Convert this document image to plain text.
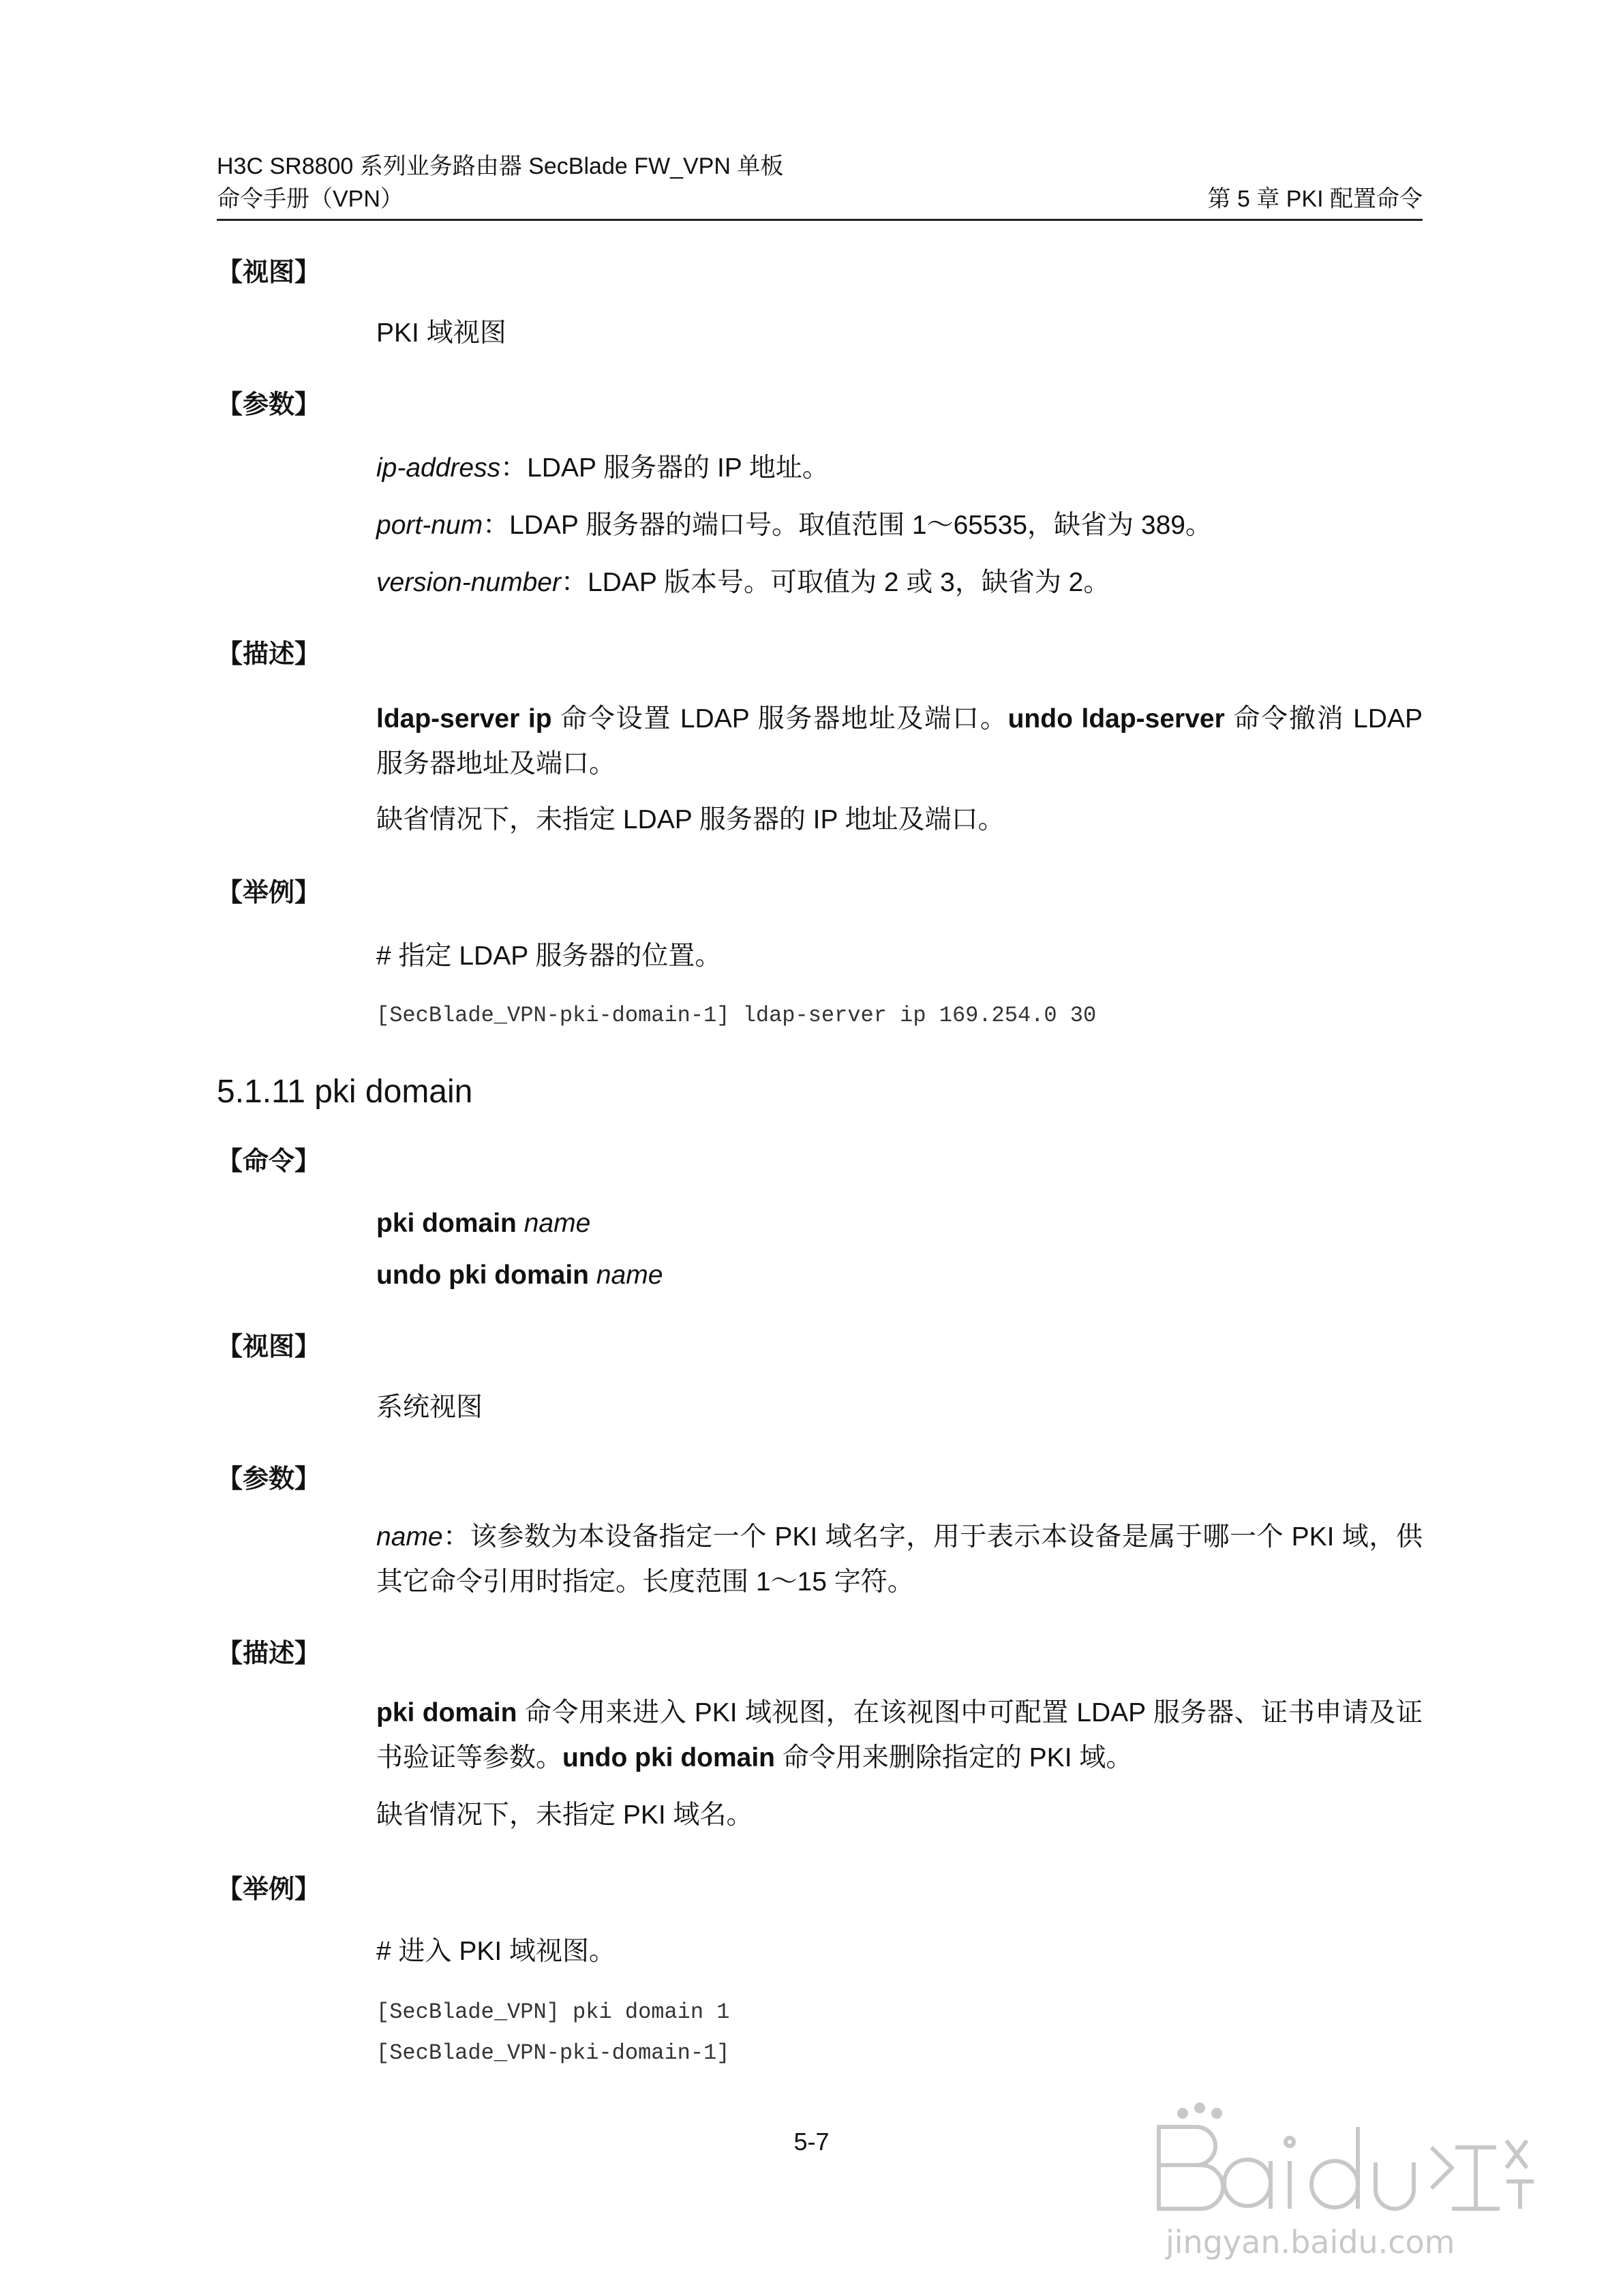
H3C SR8800 系列业务路由器 SecBlade FW_VPN 单板
命令手册（VPN）	第 5 章 PKI 配置命令
【视图】
PKI 域视图
【参数】
ip-address：LDAP 服务器的 IP 地址。
port-num：LDAP 服务器的端口号。取值范围 1～65535，缺省为 389。
version-number：LDAP 版本号。可取值为 2 或 3，缺省为 2。
【描述】
ldap-server ip 命令设置 LDAP 服务器地址及端口。undo ldap-server 命令撤消 LDAP 服务器地址及端口。
缺省情况下，未指定 LDAP 服务器的 IP 地址及端口。
【举例】
# 指定 LDAP 服务器的位置。
[SecBlade_VPN-pki-domain-1] ldap-server ip 169.254.0 30
5.1.11 pki domain
【命令】
pki domain name
undo pki domain name
【视图】
系统视图
【参数】
name：该参数为本设备指定一个 PKI 域名字，用于表示本设备是属于哪一个 PKI 域，供其它命令引用时指定。长度范围 1～15 字符。
【描述】
pki domain 命令用来进入 PKI 域视图，在该视图中可配置 LDAP 服务器、证书申请及证书验证等参数。undo pki domain 命令用来删除指定的 PKI 域。
缺省情况下，未指定 PKI 域名。
【举例】
# 进入 PKI 域视图。
[SecBlade_VPN] pki domain 1
[SecBlade_VPN-pki-domain-1]
5-7
jingyan.baidu.com
